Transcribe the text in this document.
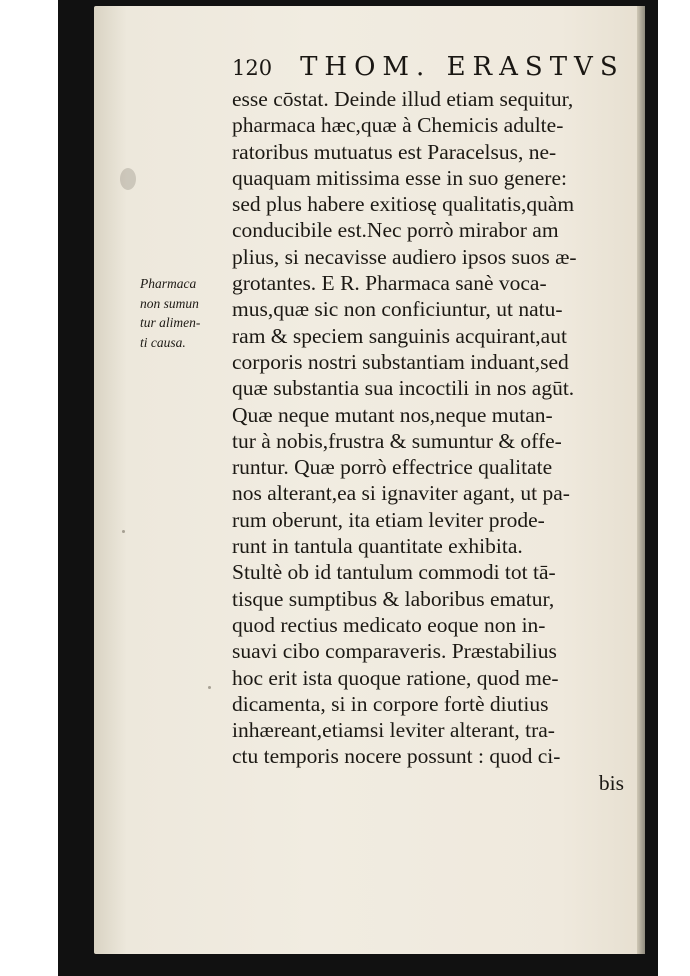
120 THOM. ERASTVS
Pharmaca
non sumun
tur alimen-
ti causa.
esse cōstat. Deinde illud etiam sequitur,
pharmaca hæc,quæ à Chemicis adulte-
ratoribus mutuatus est Paracelsus, ne-
quaquam mitissima esse in suo genere:
sed plus habere exitiosę qualitatis,quàm
conducibile est.Nec porrò mirabor am
plius, si necavisse audiero ipsos suos æ-
grotantes. E R. Pharmaca sanè voca-
mus,quæ sic non conficiuntur, ut natu-
ram & speciem sanguinis acquirant,aut
corporis nostri substantiam induant,sed
quæ substantia sua incoctili in nos agūt.
Quæ neque mutant nos,neque mutan-
tur à nobis,frustra & sumuntur & offe-
runtur. Quæ porrò effectrice qualitate
nos alterant,ea si ignaviter agant, ut pa-
rum oberunt, ita etiam leviter prode-
runt in tantula quantitate exhibita.
Stultè ob id tantulum commodi tot tā-
tisque sumptibus & laboribus ematur,
quod rectius medicato eoque non in-
suavi cibo comparaveris. Præstabilius
hoc erit ista quoque ratione, quod me-
dicamenta, si in corpore fortè diutius
inhæreant,etiamsi leviter alterant, tra-
ctu temporis nocere possunt : quod ci-
bis
